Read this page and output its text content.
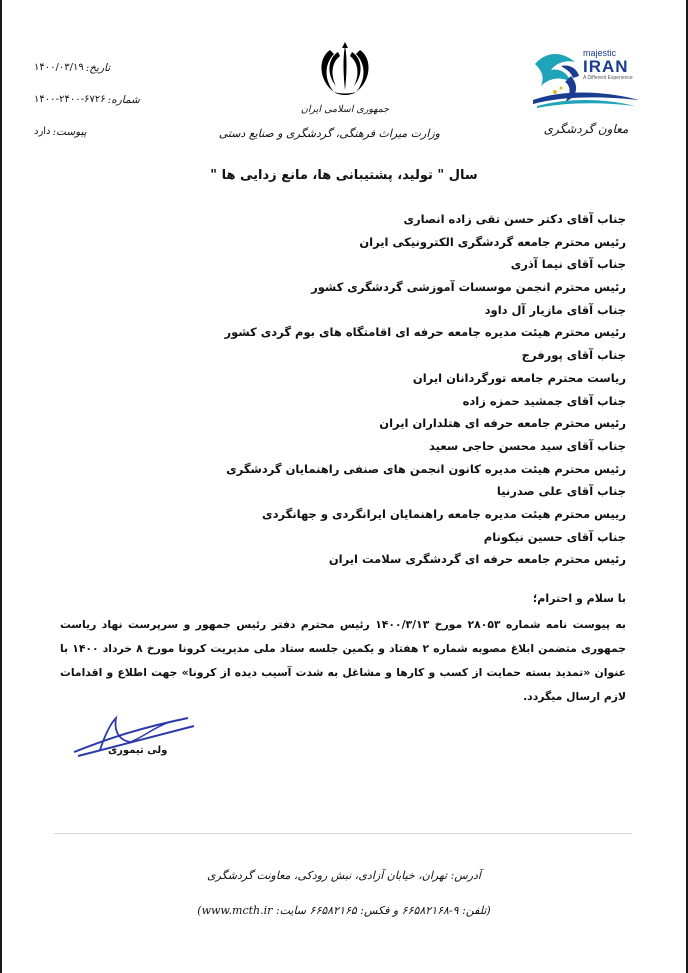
majestic
IRAN
A Different Experience
معاون گردشگری
جمهوری اسلامی ایران
وزارت میراث فرهنگی، گردشگری و صنایع دستی
تاریخ:
۱۴۰۰/۰۳/۱۹
شماره:
۱۴۰۰-۲۴۰۰-۶۷۲۶
پیوست:
دارد
سال " تولید، پشتیبانی ها، مانع زدایی ها "
جناب آقای دکتر حسن تقی زاده انصاری
رئیس محترم جامعه گردشگری الکترونیکی ایران
جناب آقای نیما آذری
رئیس محترم انجمن موسسات آموزشی گردشگری کشور
جناب آقای مازیار آل داود
رئیس محترم هیئت مدیره جامعه حرفه ای اقامتگاه های بوم گردی کشور
جناب آقای پورفرج
ریاست محترم جامعه تورگردانان ایران
جناب آقای جمشید حمزه زاده
رئیس محترم جامعه حرفه ای هتلداران ایران
جناب آقای سید محسن حاجی سعید
رئیس محترم هیئت مدیره کانون انجمن های صنفی راهنمایان گردشگری
جناب آقای علی صدرنیا
رییس محترم هیئت مدیره جامعه راهنمایان ایرانگردی و جهانگردی
جناب آقای حسین نیکونام
رئیس محترم جامعه حرفه ای گردشگری سلامت ایران
با سلام و احترام؛
به پیوست نامه شماره ۲۸۰۵۳ مورخ ۱۴۰۰/۳/۱۳ رئیس محترم دفتر رئیس جمهور و سرپرست نهاد ریاست جمهوری متضمن ابلاغ مصوبه شماره ۲ هفتاد و یکمین جلسه ستاد ملی مدیریت کرونا مورخ ۸ خرداد ۱۴۰۰ با عنوان «تمدید بسته حمایت از کسب و کارها و مشاغل به شدت آسیب دیده از کرونا» جهت اطلاع و اقدامات لازم ارسال میگردد.
ولی تیموری
آدرس: تهران، خیابان آزادی، نبش رودکی، معاونت گردشگری
(تلفن: ۹-۶۶۵۸۲۱۶۸ و فکس: ۶۶۵۸۲۱۶۵ سایت: www.mcth.ir)
